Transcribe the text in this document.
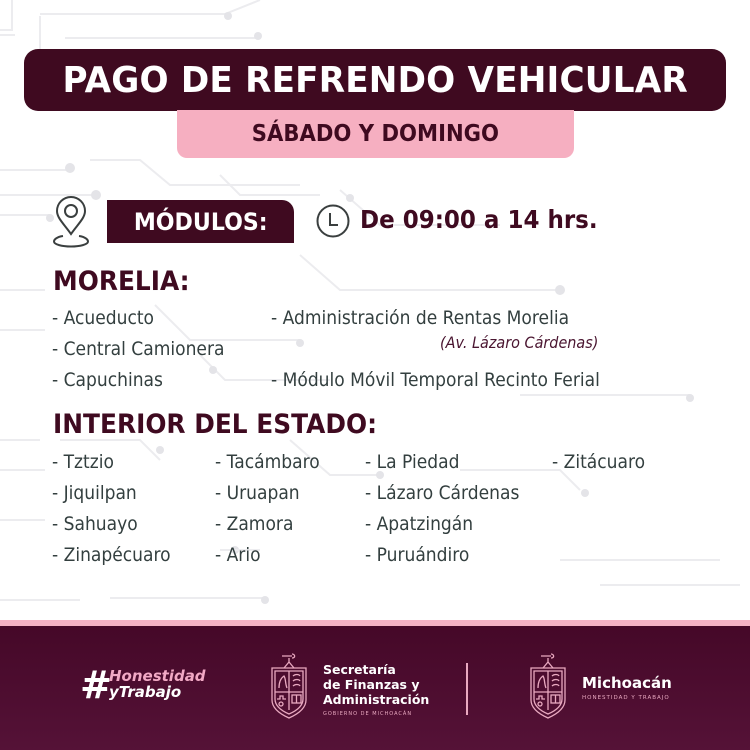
PAGO DE REFRENDO VEHICULAR
SÁBADO Y DOMINGO
MÓDULOS:	De 09:00 a 14 hrs.
MORELIA:
- Acueducto
- Central Camionera
- Capuchinas
- Administración de Rentas Morelia
(Av. Lázaro Cárdenas)
- Módulo Móvil Temporal Recinto Ferial
INTERIOR DEL ESTADO:
- Tztzio
- Jiquilpan
- Sahuayo
- Zinapécuaro
- Tacámbaro
- Uruapan
- Zamora
- Ario
- La Piedad
- Lázaro Cárdenas
- Apatzingán
- Puruándiro
- Zitácuaro
#
Honestidad
yTrabajo
Secretaría
de Finanzas y
Administración
GOBIERNO DE MICHOACÁN
Michoacán
HONESTIDAD Y TRABAJO
